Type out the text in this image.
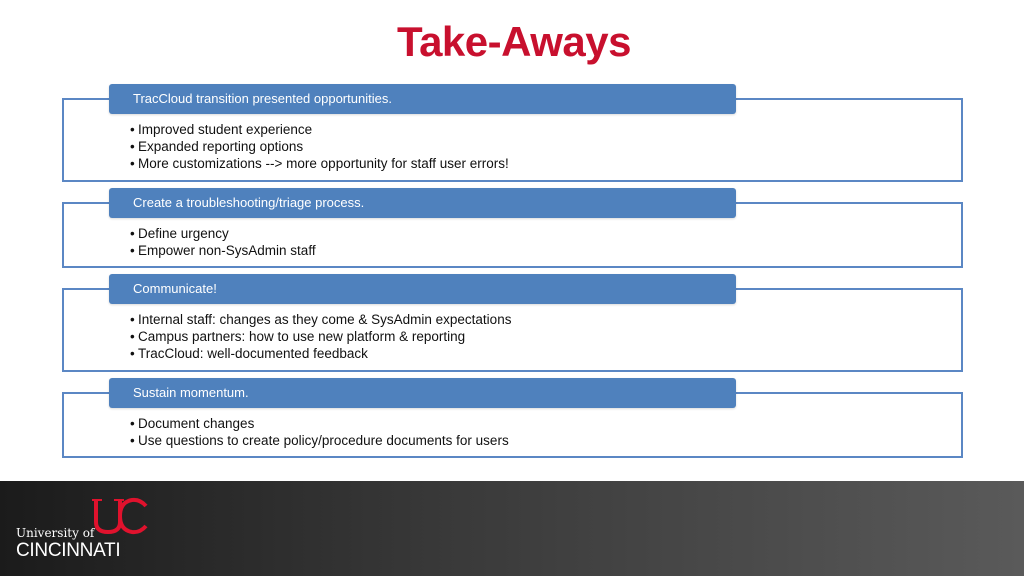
Take-Aways
TracCloud transition presented opportunities.
• Improved student experience
• Expanded reporting options
• More customizations --> more opportunity for staff user errors!
Create a troubleshooting/triage process.
• Define urgency
• Empower non-SysAdmin staff
Communicate!
• Internal staff: changes as they come & SysAdmin expectations
• Campus partners: how to use new platform & reporting
• TracCloud: well-documented feedback
Sustain momentum.
• Document changes
• Use questions to create policy/procedure documents for users
University of
CINCINNATI
